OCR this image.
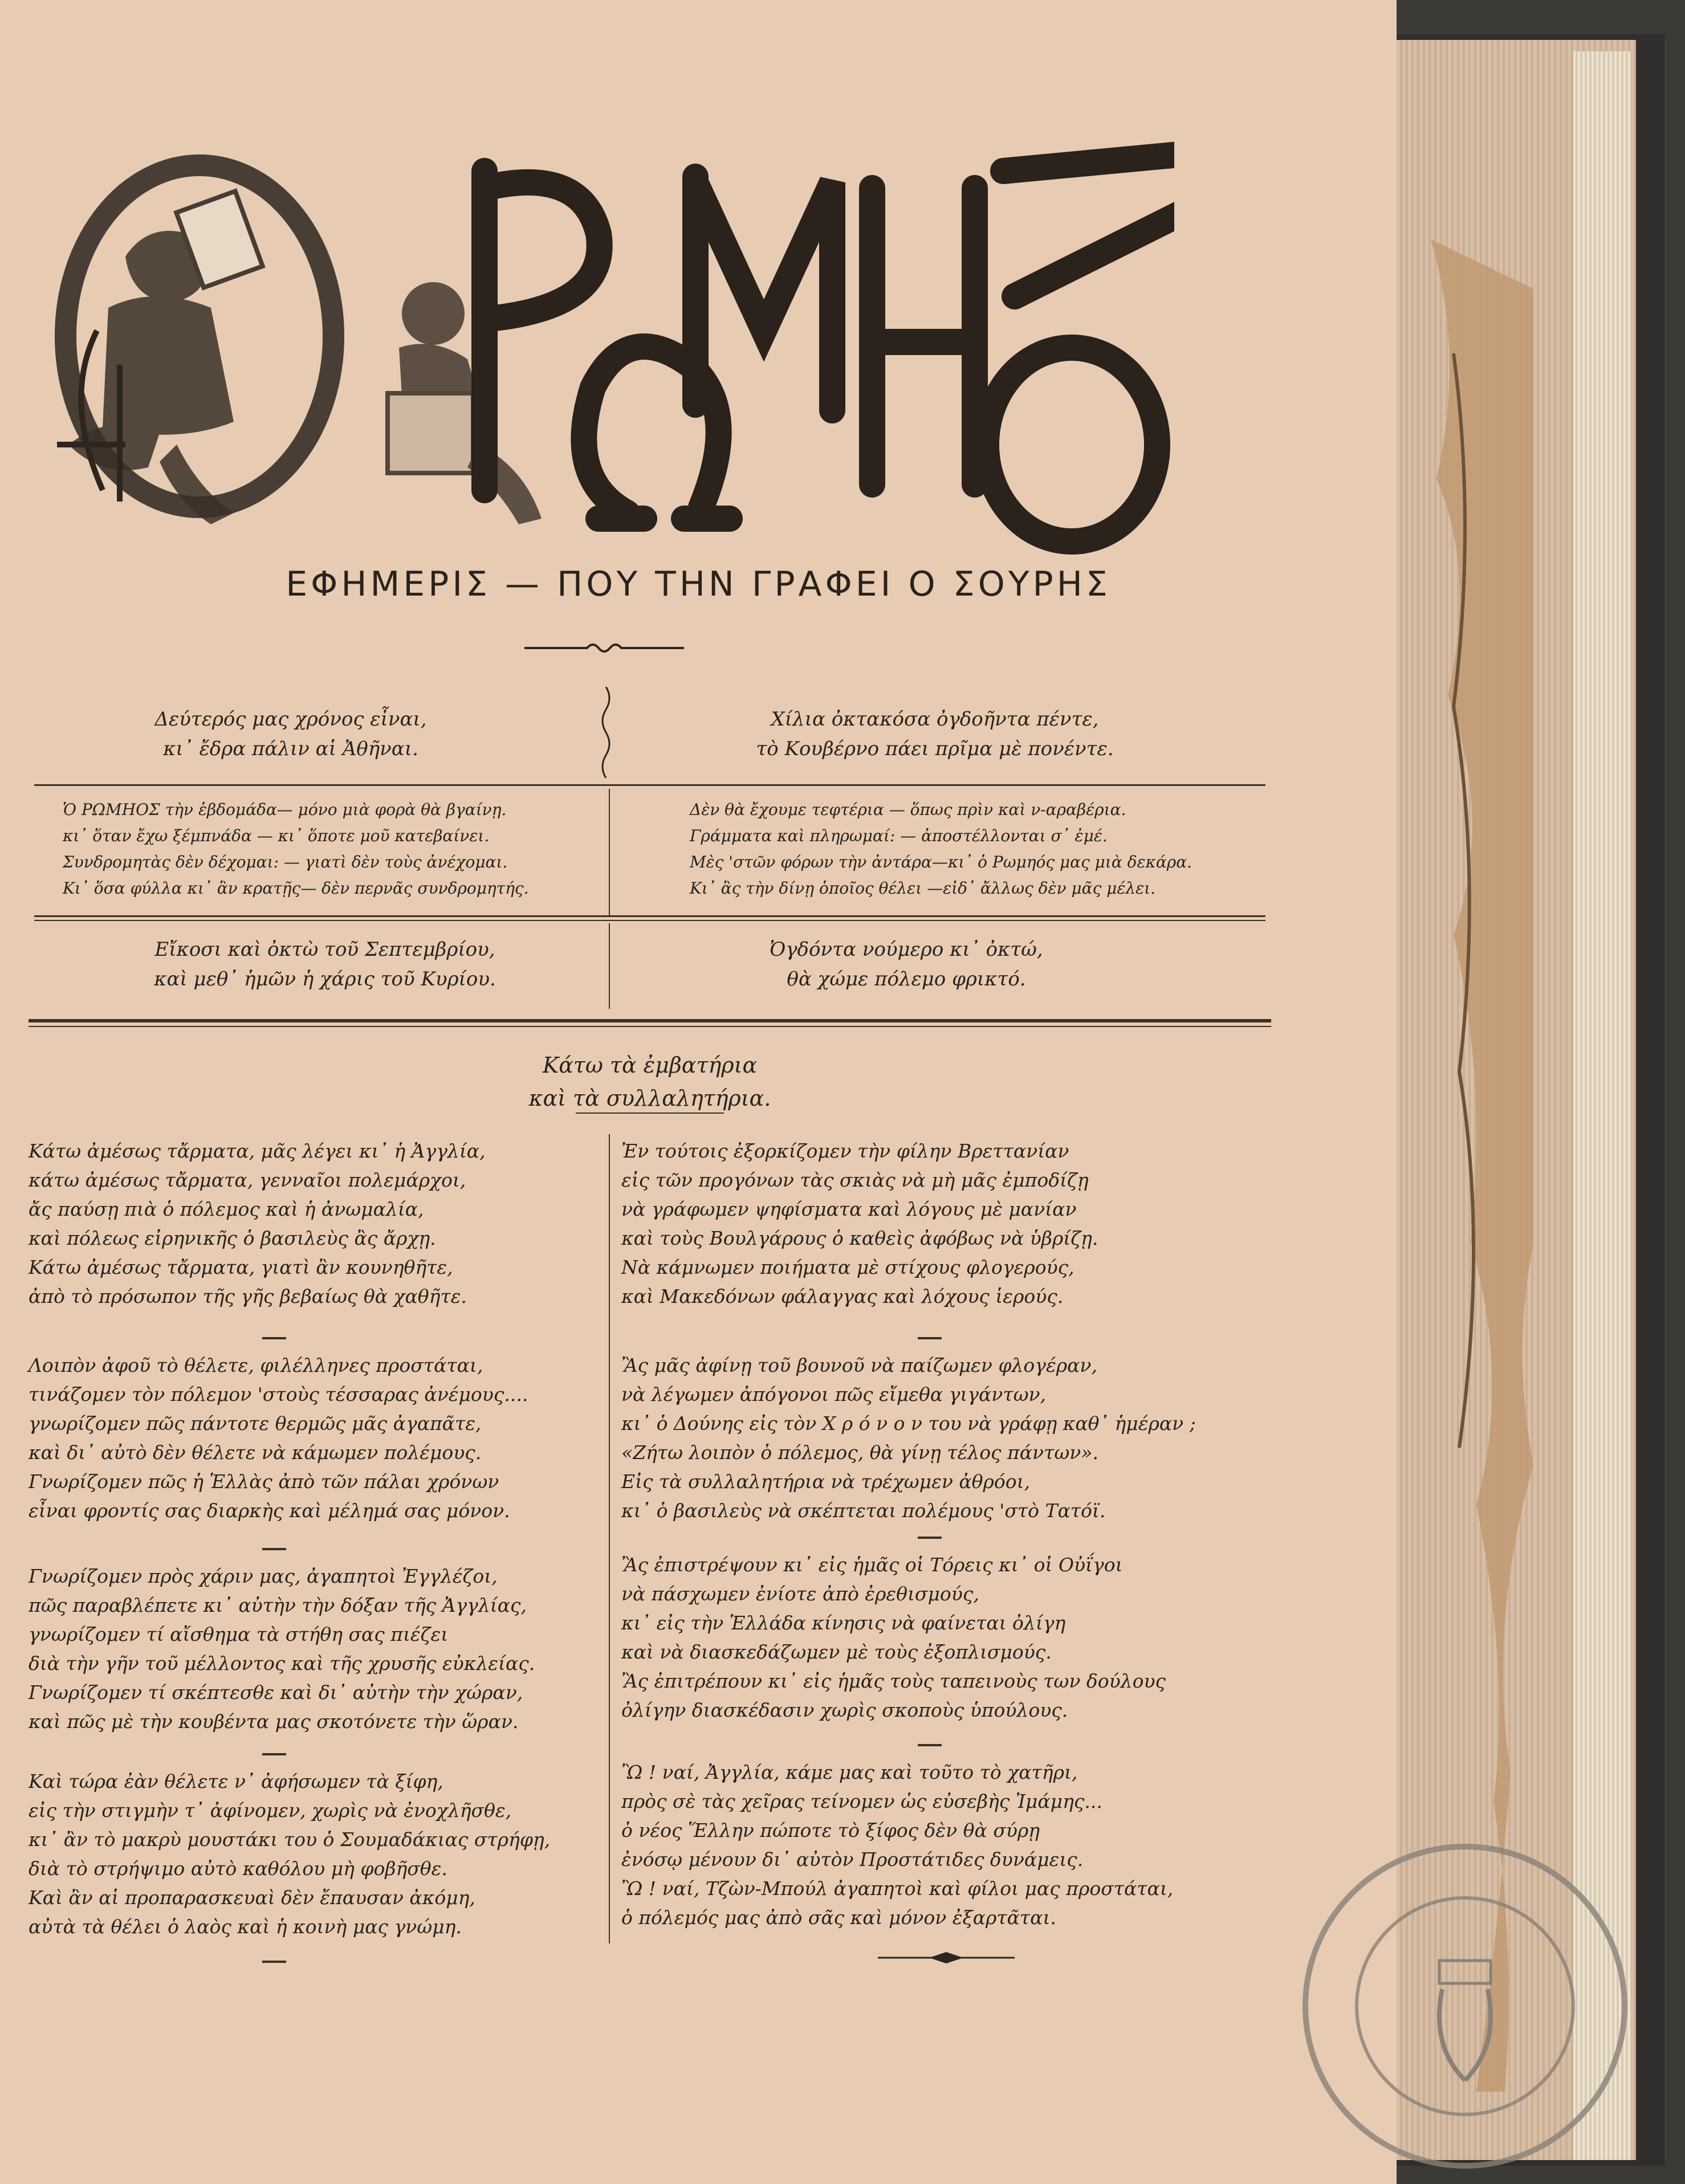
ΕΦΗΜΕΡΙΣ — ΠΟΥ ΤΗΝ ΓΡΑΦΕΙ Ο ΣΟΥΡΗΣ
Δεύτερός μας χρόνος εἶναι,
κι᾽ ἔδρα πάλιν αἱ Ἀθῆναι.
Χίλια ὀκτακόσα ὀγδοῆντα πέντε,
τὸ Κουβέρνο πάει πρῖμα μὲ πονέντε.
Ὁ ΡΩΜΗΟΣ τὴν ἑβδομάδα— μόνο μιὰ φορὰ θὰ βγαίνῃ.
κι᾽ ὅταν ἔχω ξέμπνάδα — κι᾽ ὅποτε μοῦ κατεβαίνει.
Συνδρομητὰς δὲν δέχομαι: — γιατὶ δὲν τοὺς ἀνέχομαι.
Κι᾽ ὅσα φύλλα κι᾽ ἂν κρατῇς— δὲν περνᾶς συνδρομητής.
Δὲν θὰ ἔχουμε τεφτέρια — ὅπως πρὶν καὶ ν-αραβέρια.
Γράμματα καὶ πληρωμαί: — ἀποστέλλονται σ᾽ ἐμέ.
Μὲς 'στῶν φόρων τὴν ἀντάρα—κι᾽ ὁ Ρωμηός μας μιὰ δεκάρα.
Κι᾽ ἂς τὴν δίνῃ ὁποῖος θέλει —εἰδ᾽ ἄλλως δὲν μᾶς μέλει.
Εἴκοσι καὶ ὀκτὼ τοῦ Σεπτεμβρίου,
καὶ μεθ᾽ ἡμῶν ἡ χάρις τοῦ Κυρίου.
Ὀγδόντα νούμερο κι᾽ ὀκτώ,
θὰ χώμε πόλεμο φρικτό.
Κάτω τὰ ἐμβατήρια
καὶ τὰ συλλαλητήρια.
Κάτω ἀμέσως τἄρματα, μᾶς λέγει κι᾽ ἡ Ἀγγλία,
κάτω ἀμέσως τἄρματα, γενναῖοι πολεμάρχοι,
ἄς παύσῃ πιὰ ὁ πόλεμος καὶ ἡ ἀνωμαλία,
καὶ πόλεως εἰρηνικῆς ὁ βασιλεὺς ἂς ἄρχῃ.
Κάτω ἀμέσως τἄρματα, γιατὶ ἂν κουνηθῆτε,
ἀπὸ τὸ πρόσωπον τῆς γῆς βεβαίως θὰ χαθῆτε.
Λοιπὸν ἀφοῦ τὸ θέλετε, φιλέλληνες προστάται,
τινάζομεν τὸν πόλεμον 'στοὺς τέσσαρας ἀνέμους....
γνωρίζομεν πῶς πάντοτε θερμῶς μᾶς ἀγαπᾶτε,
καὶ δι᾽ αὐτὸ δὲν θέλετε νὰ κάμωμεν πολέμους.
Γνωρίζομεν πῶς ἡ Ἑλλὰς ἀπὸ τῶν πάλαι χρόνων
εἶναι φροντίς σας διαρκὴς καὶ μέλημά σας μόνον.
Γνωρίζομεν πρὸς χάριν μας, ἀγαπητοὶ Ἐγγλέζοι,
πῶς παραβλέπετε κι᾽ αὐτὴν τὴν δόξαν τῆς Ἀγγλίας,
γνωρίζομεν τί αἴσθημα τὰ στήθη σας πιέζει
διὰ τὴν γῆν τοῦ μέλλοντος καὶ τῆς χρυσῆς εὐκλείας.
Γνωρίζομεν τί σκέπτεσθε καὶ δι᾽ αὐτὴν τὴν χώραν,
καὶ πῶς μὲ τὴν κουβέντα μας σκοτόνετε τὴν ὥραν.
Καὶ τώρα ἐὰν θέλετε ν᾽ ἀφήσωμεν τὰ ξίφη,
εἰς τὴν στιγμὴν τ᾽ ἀφίνομεν, χωρὶς νὰ ἐνοχλῆσθε,
κι᾽ ἂν τὸ μακρὺ μουστάκι του ὁ Σουμαδάκιας στρήφῃ,
διὰ τὸ στρήψιμο αὐτὸ καθόλου μὴ φοβῆσθε.
Καὶ ἂν αἱ προπαρασκευαὶ δὲν ἔπαυσαν ἀκόμη,
αὐτὰ τὰ θέλει ὁ λαὸς καὶ ἡ κοινὴ μας γνώμη.
Ἐν τούτοις ἐξορκίζομεν τὴν φίλην Βρεττανίαν
εἰς τῶν προγόνων τὰς σκιὰς νὰ μὴ μᾶς ἐμποδίζῃ
νὰ γράφωμεν ψηφίσματα καὶ λόγους μὲ μανίαν
καὶ τοὺς Βουλγάρους ὁ καθεὶς ἀφόβως νὰ ὑβρίζῃ.
Νὰ κάμνωμεν ποιήματα μὲ στίχους φλογερούς,
καὶ Μακεδόνων φάλαγγας καὶ λόχους ἱερούς.
Ἂς μᾶς ἀφίνῃ τοῦ βουνοῦ νὰ παίζωμεν φλογέραν,
νὰ λέγωμεν ἀπόγονοι πῶς εἴμεθα γιγάντων,
κι᾽ ὁ Δούνης εἰς τὸν Χ ρ ό ν ο ν του νὰ γράφῃ καθ᾽ ἡμέραν ;
«Ζήτω λοιπὸν ὁ πόλεμος, θὰ γίνῃ τέλος πάντων».
Εἰς τὰ συλλαλητήρια νὰ τρέχωμεν ἀθρόοι,
κι᾽ ὁ βασιλεὺς νὰ σκέπτεται πολέμους 'στὸ Τατόϊ.
Ἂς ἐπιστρέψουν κι᾽ εἰς ἡμᾶς οἱ Τόρεις κι᾽ οἱ Οὐΐγοι
νὰ πάσχωμεν ἐνίοτε ἀπὸ ἐρεθισμούς,
κι᾽ εἰς τὴν Ἑλλάδα κίνησις νὰ φαίνεται ὀλίγη
καὶ νὰ διασκεδάζωμεν μὲ τοὺς ἐξοπλισμούς.
Ἂς ἐπιτρέπουν κι᾽ εἰς ἡμᾶς τοὺς ταπεινοὺς των δούλους
ὀλίγην διασκέδασιν χωρὶς σκοποὺς ὑπούλους.
Ὢ ! ναί, Ἀγγλία, κάμε μας καὶ τοῦτο τὸ χατῆρι,
πρὸς σὲ τὰς χεῖρας τείνομεν ὡς εὐσεβὴς Ἰμάμης...
ὁ νέος Ἕλλην πώποτε τὸ ξίφος δὲν θὰ σύρῃ
ἐνόσῳ μένουν δι᾽ αὐτὸν Προστάτιδες δυνάμεις.
Ὢ ! ναί, Τζὼν-Μπούλ ἀγαπητοὶ καὶ φίλοι μας προστάται,
ὁ πόλεμός μας ἀπὸ σᾶς καὶ μόνον ἐξαρτᾶται.
